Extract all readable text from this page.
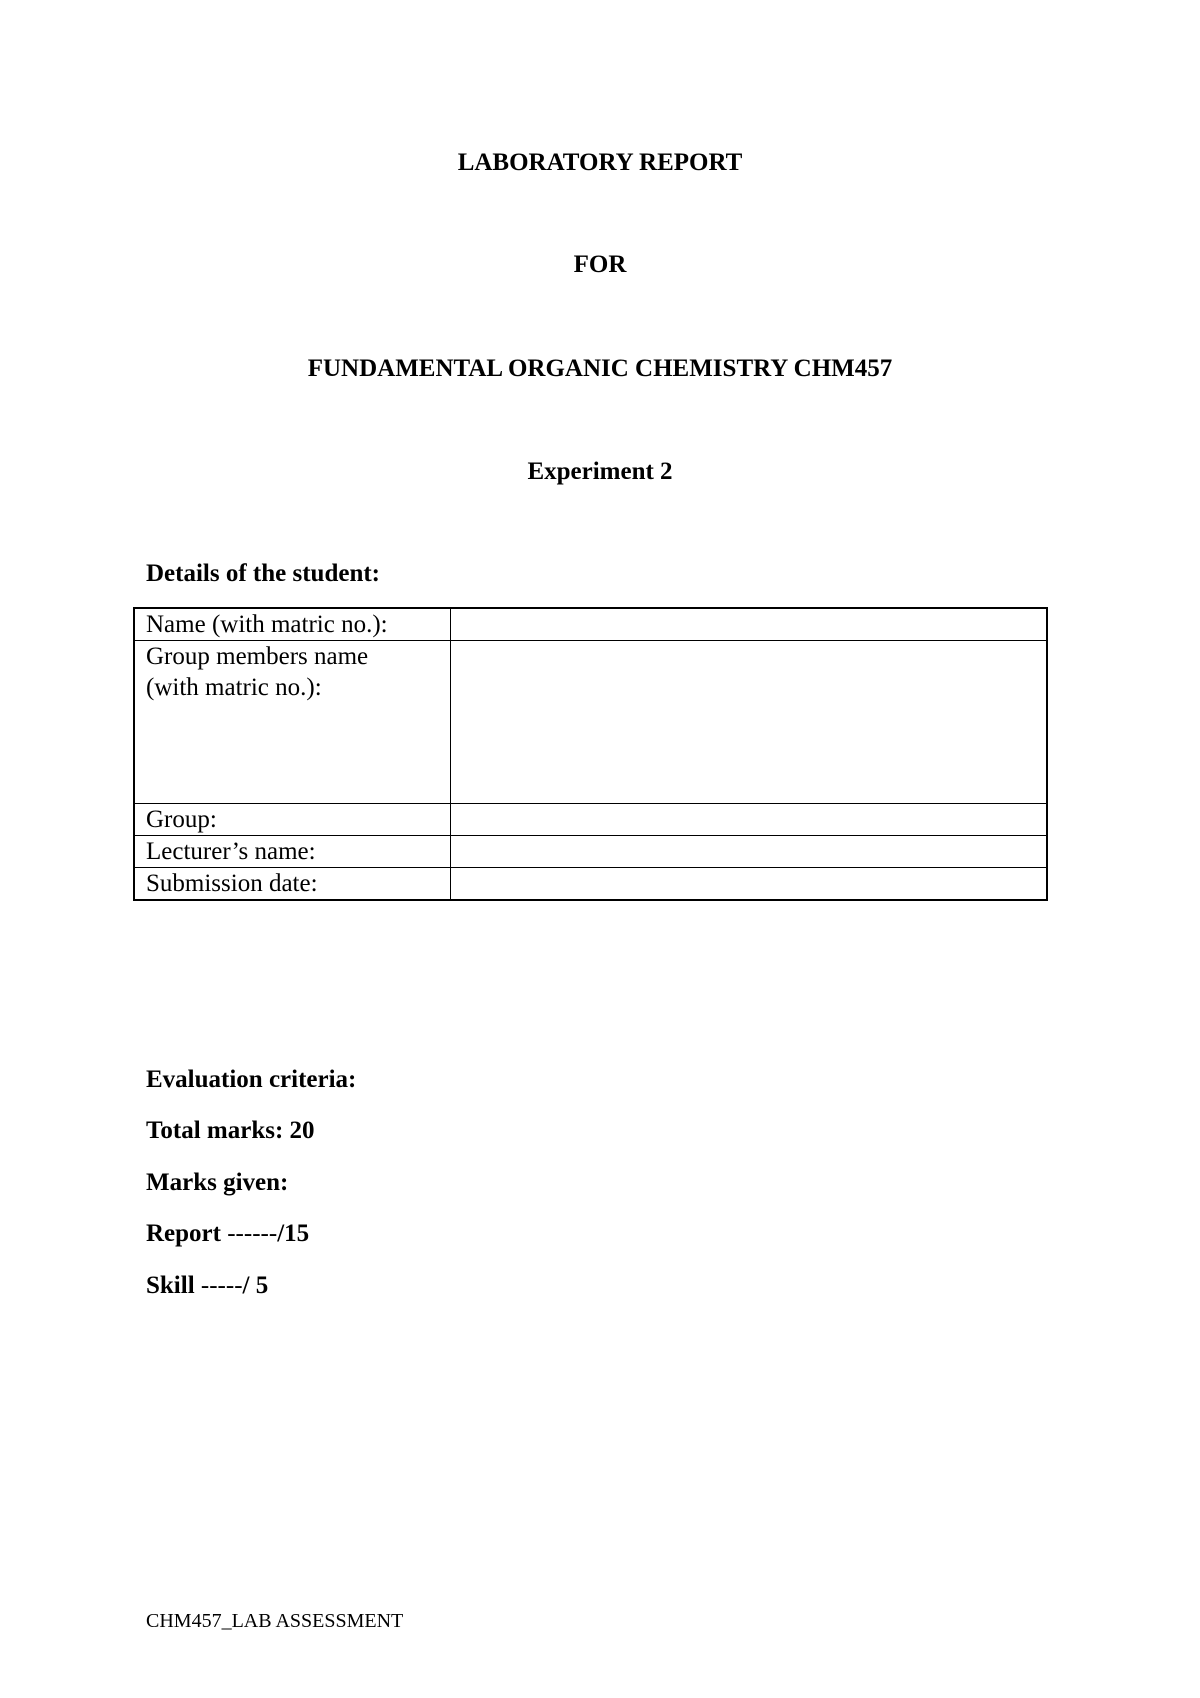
LABORATORY REPORT
FOR
FUNDAMENTAL ORGANIC CHEMISTRY CHM457
Experiment 2
Details of the student:
Name (with matric no.):	

Group members name
(with matric no.):	

Group:	
Lecturer’s name:	
Submission date:	
Evaluation criteria:
Total marks: 20
Marks given:
Report ------/15
Skill -----/ 5
CHM457_LAB ASSESSMENT
